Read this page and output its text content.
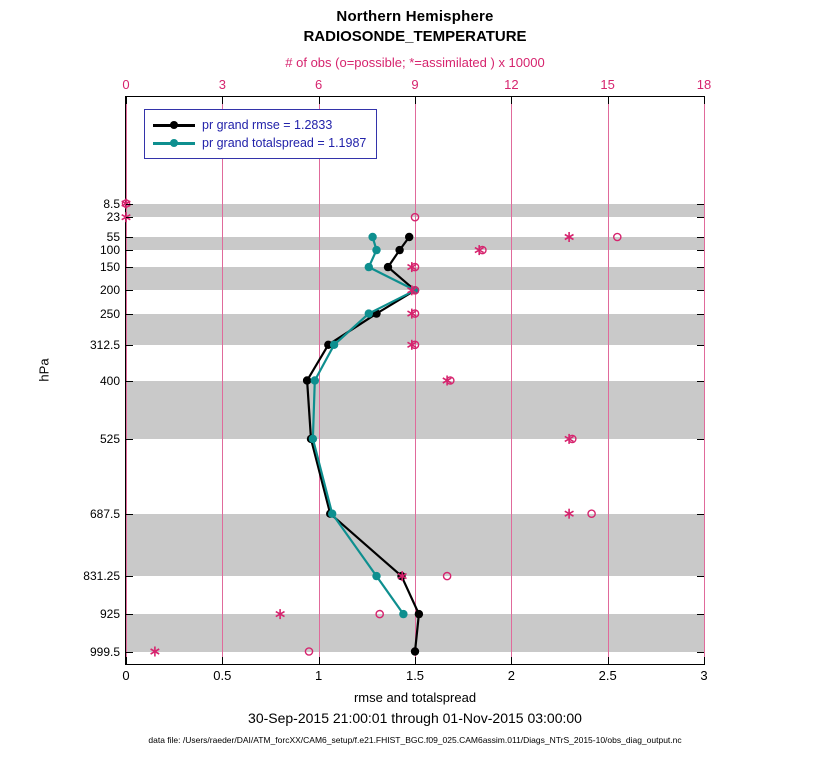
Northern Hemisphere
RADIOSONDE_TEMPERATURE
# of obs (o=possible; *=assimilated ) x 10000
pr grand rmse = 1.2833
pr grand totalspread = 1.1987
8.5
23
55
100
150
200
250
312.5
400
525
687.5
831.25
925
999.5
0	0.5	1	1.5	2	2.5	3
0	3	6	9	12	15	18
rmse and totalspread
hPa
30-Sep-2015 21:00:01 through 01-Nov-2015 03:00:00
data file: /Users/raeder/DAI/ATM_forcXX/CAM6_setup/f.e21.FHIST_BGC.f09_025.CAM6assim.011/Diags_NTrS_2015-10/obs_diag_output.nc
